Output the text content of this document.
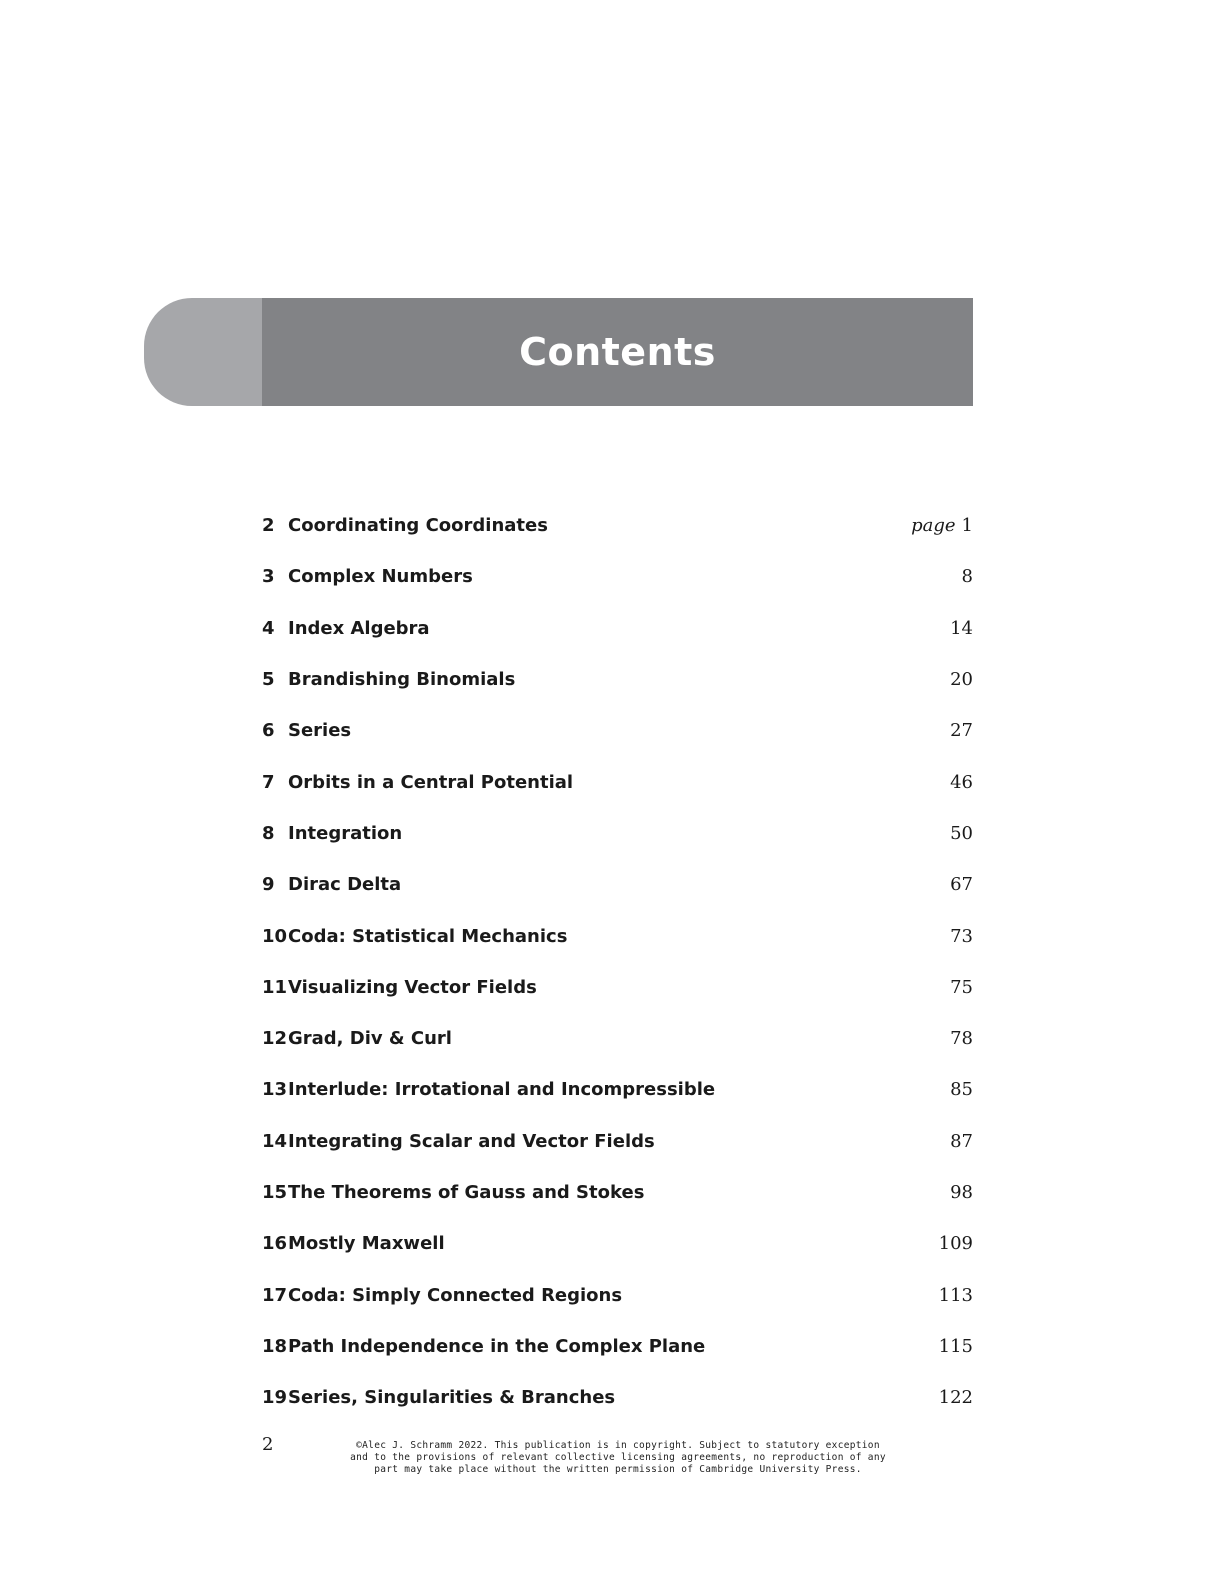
Contents
2 Coordinating Coordinates	page 1
3 Complex Numbers	8
4 Index Algebra	14
5 Brandishing Binomials	20
6 Series	27
7 Orbits in a Central Potential	46
8 Integration	50
9 Dirac Delta	67
10 Coda: Statistical Mechanics	73
11 Visualizing Vector Fields	75
12 Grad, Div & Curl	78
13 Interlude: Irrotational and Incompressible	85
14 Integrating Scalar and Vector Fields	87
15 The Theorems of Gauss and Stokes	98
16 Mostly Maxwell	109
17 Coda: Simply Connected Regions	113
18 Path Independence in the Complex Plane	115
19 Series, Singularities & Branches	122
2	©Alec J. Schramm 2022. This publication is in copyright. Subject to statutory exception
and to the provisions of relevant collective licensing agreements, no reproduction of any
part may take place without the written permission of Cambridge University Press.
